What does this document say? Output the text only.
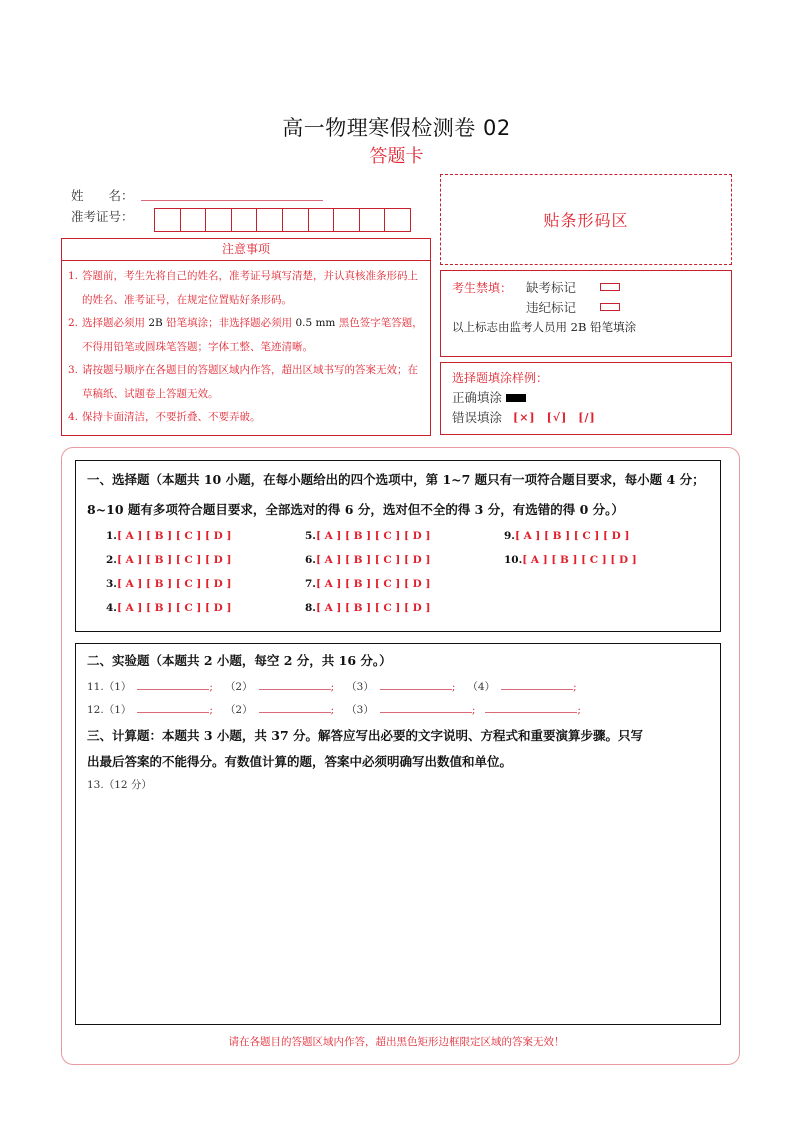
高一物理寒假检测卷 02
答题卡
姓　　名：
准考证号：
注意事项
1. 答题前，考生先将自己的姓名，准考证号填写清楚，并认真核准条形码上的姓名、准考证号，在规定位置贴好条形码。
2. 选择题必须用 2B 铅笔填涂；非选择题必须用 0.5 mm 黑色签字笔答题，不得用铅笔或圆珠笔答题；字体工整、笔迹清晰。
3. 请按题号顺序在各题目的答题区域内作答，超出区域书写的答案无效；在草稿纸、试题卷上答题无效。
4. 保持卡面清洁，不要折叠、不要弄破。
贴条形码区
考生禁填：	缺考标记
违纪标记
以上标志由监考人员用 2B 铅笔填涂
选择题填涂样例：
正确填涂
错误填涂 [×] [√] [/]
一、选择题（本题共 10 小题，在每小题给出的四个选项中，第 1~7 题只有一项符合题目要求，每小题 4 分；
8~10 题有多项符合题目要求，全部选对的得 6 分，选对但不全的得 3 分，有选错的得 0 分。）
1.[ A ] [ B ] [ C ] [ D ]
2.[ A ] [ B ] [ C ] [ D ]
3.[ A ] [ B ] [ C ] [ D ]
4.[ A ] [ B ] [ C ] [ D ]
5.[ A ] [ B ] [ C ] [ D ]
6.[ A ] [ B ] [ C ] [ D ]
7.[ A ] [ B ] [ C ] [ D ]
8.[ A ] [ B ] [ C ] [ D ]
9.[ A ] [ B ] [ C ] [ D ]
10.[ A ] [ B ] [ C ] [ D ]
二、实验题（本题共 2 小题，每空 2 分，共 16 分。）
11. （1）	; （2）	; （3）	; （4）	;
12. （1）	; （2）	; （3）	;	;
三、计算题：本题共 3 小题，共 37 分。解答应写出必要的文字说明、方程式和重要演算步骤。只写
出最后答案的不能得分。有数值计算的题，答案中必须明确写出数值和单位。
13.（12 分）
请在各题目的答题区域内作答，超出黑色矩形边框限定区域的答案无效！
